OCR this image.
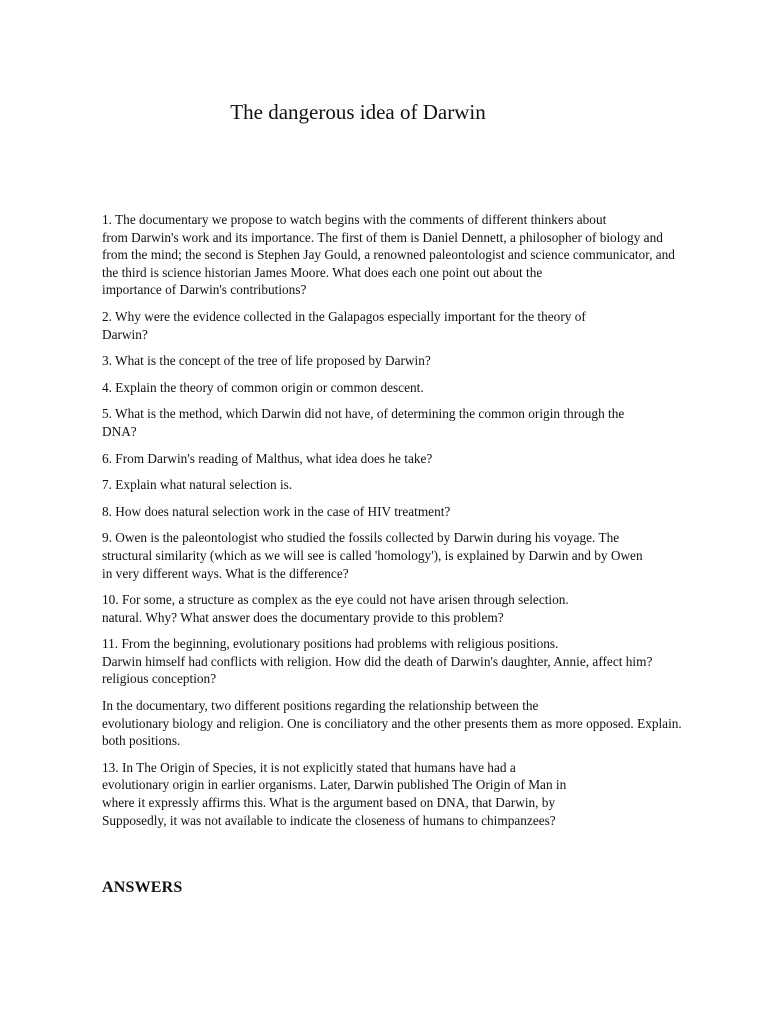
The dangerous idea of Darwin
1. The documentary we propose to watch begins with the comments of different thinkers about
from Darwin's work and its importance. The first of them is Daniel Dennett, a philosopher of biology and
from the mind; the second is Stephen Jay Gould, a renowned paleontologist and science communicator, and
the third is science historian James Moore. What does each one point out about the
importance of Darwin's contributions?
2. Why were the evidence collected in the Galapagos especially important for the theory of
Darwin?
3. What is the concept of the tree of life proposed by Darwin?
4. Explain the theory of common origin or common descent.
5. What is the method, which Darwin did not have, of determining the common origin through the
DNA?
6. From Darwin's reading of Malthus, what idea does he take?
7. Explain what natural selection is.
8. How does natural selection work in the case of HIV treatment?
9. Owen is the paleontologist who studied the fossils collected by Darwin during his voyage. The
structural similarity (which as we will see is called 'homology'), is explained by Darwin and by Owen
in very different ways. What is the difference?
10. For some, a structure as complex as the eye could not have arisen through selection.
natural. Why? What answer does the documentary provide to this problem?
11. From the beginning, evolutionary positions had problems with religious positions.
Darwin himself had conflicts with religion. How did the death of Darwin's daughter, Annie, affect him?
religious conception?
In the documentary, two different positions regarding the relationship between the
evolutionary biology and religion. One is conciliatory and the other presents them as more opposed. Explain.
both positions.
13. In The Origin of Species, it is not explicitly stated that humans have had a
evolutionary origin in earlier organisms. Later, Darwin published The Origin of Man in
where it expressly affirms this. What is the argument based on DNA, that Darwin, by
Supposedly, it was not available to indicate the closeness of humans to chimpanzees?
ANSWERS
